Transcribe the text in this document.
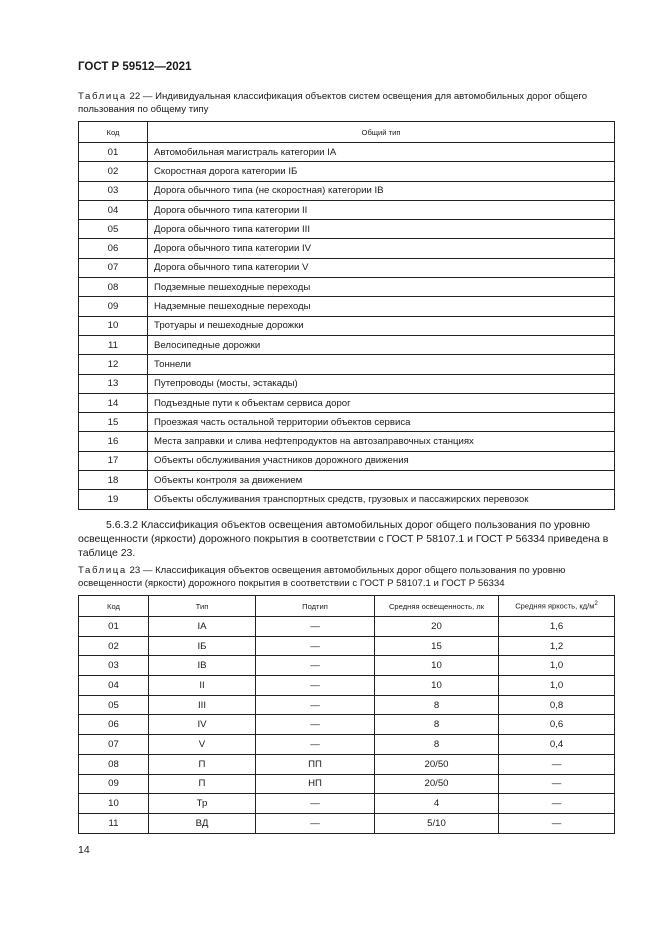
ГОСТ Р 59512—2021
Таблица 22 — Индивидуальная классификация объектов систем освещения для автомобильных дорог общего пользования по общему типу
Код	Общий тип
01	Автомобильная магистраль категории IA
02	Скоростная дорога категории IБ
03	Дорога обычного типа (не скоростная) категории IB
04	Дорога обычного типа категории II
05	Дорога обычного типа категории III
06	Дорога обычного типа категории IV
07	Дорога обычного типа категории V
08	Подземные пешеходные переходы
09	Надземные пешеходные переходы
10	Тротуары и пешеходные дорожки
11	Велосипедные дорожки
12	Тоннели
13	Путепроводы (мосты, эстакады)
14	Подъездные пути к объектам сервиса дорог
15	Проезжая часть остальной территории объектов сервиса
16	Места заправки и слива нефтепродуктов на автозаправочных станциях
17	Объекты обслуживания участников дорожного движения
18	Объекты контроля за движением
19	Объекты обслуживания транспортных средств, грузовых и пассажирских перевозок
5.6.3.2 Классификация объектов освещения автомобильных дорог общего пользования по уровню освещенности (яркости) дорожного покрытия в соответствии с ГОСТ Р 58107.1 и ГОСТ Р 56334 приведена в таблице 23.
Таблица 23 — Классификация объектов освещения автомобильных дорог общего пользования по уровню освещенности (яркости) дорожного покрытия в соответствии с ГОСТ Р 58107.1 и ГОСТ Р 56334
Код	Тип	Подтип	Средняя освещенность, лк	Средняя яркость, $кд/м^2$
01	IA	—	20	1,6
02	IБ	—	15	1,2
03	IB	—	10	1,0
04	II	—	10	1,0
05	III	—	8	0,8
06	IV	—	8	0,6
07	V	—	8	0,4
08	П	ПП	20/50	—
09	П	НП	20/50	—
10	Тр	—	4	—
11	ВД	—	5/10	—
14
